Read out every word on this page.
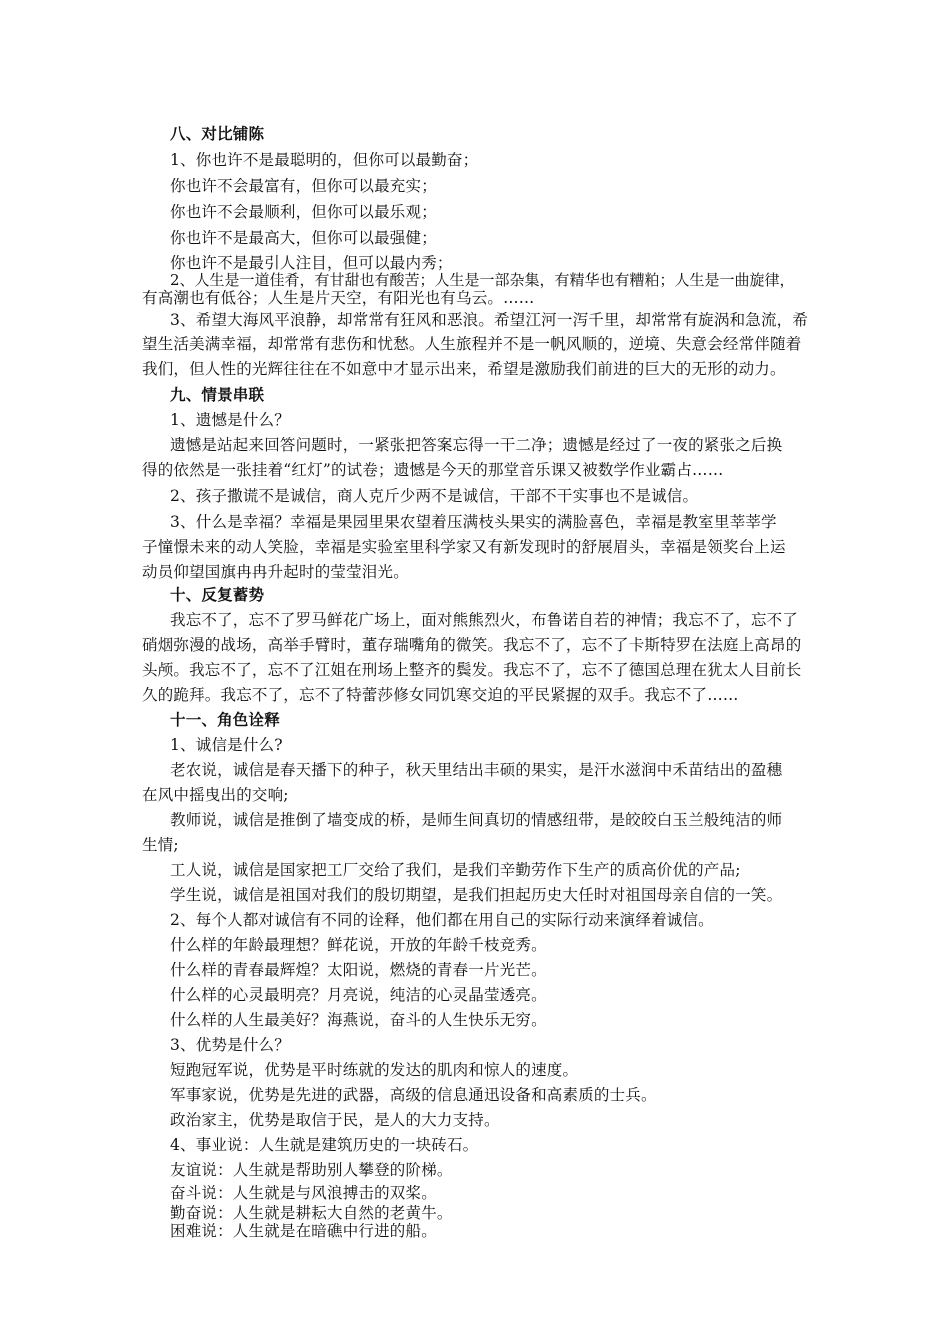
八、对比铺陈
1、你也许不是最聪明的，但你可以最勤奋；
你也许不会最富有，但你可以最充实；
你也许不会最顺利，但你可以最乐观；
你也许不是最高大，但你可以最强健；
你也许不是最引人注目，但可以最内秀；
2、人生是一道佳肴，有甘甜也有酸苦；人生是一部杂集，有精华也有糟粕；人生是一曲旋律，
有高潮也有低谷；人生是片天空，有阳光也有乌云。……
3、希望大海风平浪静，却常常有狂风和恶浪。希望江河一泻千里，却常常有旋涡和急流，希
望生活美满幸福，却常常有悲伤和忧愁。人生旅程并不是一帆风顺的，逆境、失意会经常伴随着
我们，但人性的光辉往往在不如意中才显示出来，希望是激励我们前进的巨大的无形的动力。
九、情景串联
1、遗憾是什么？
遗憾是站起来回答问题时，一紧张把答案忘得一干二净；遗憾是经过了一夜的紧张之后换
得的依然是一张挂着“红灯”的试卷；遗憾是今天的那堂音乐课又被数学作业霸占……
2、孩子撒谎不是诚信，商人克斤少两不是诚信，干部不干实事也不是诚信。
3、什么是幸福？幸福是果园里果农望着压满枝头果实的满脸喜色，幸福是教室里莘莘学
子憧憬未来的动人笑脸，幸福是实验室里科学家又有新发现时的舒展眉头，幸福是领奖台上运
动员仰望国旗冉冉升起时的莹莹泪光。
十、反复蓄势
我忘不了，忘不了罗马鲜花广场上，面对熊熊烈火，布鲁诺自若的神情；我忘不了，忘不了
硝烟弥漫的战场，高举手臂时，董存瑞嘴角的微笑。我忘不了，忘不了卡斯特罗在法庭上高昂的
头颅。我忘不了，忘不了江姐在刑场上整齐的鬓发。我忘不了，忘不了德国总理在犹太人目前长
久的跪拜。我忘不了，忘不了特蕾莎修女同饥寒交迫的平民紧握的双手。我忘不了……
十一、角色诠释
1、诚信是什么?
老农说，诚信是春天播下的种子，秋天里结出丰硕的果实，是汗水滋润中禾苗结出的盈穗
在风中摇曳出的交响;
教师说，诚信是推倒了墙变成的桥，是师生间真切的情感纽带，是皎皎白玉兰般纯洁的师
生情;
工人说，诚信是国家把工厂交给了我们，是我们辛勤劳作下生产的质高价优的产品;
学生说，诚信是祖国对我们的殷切期望，是我们担起历史大任时对祖国母亲自信的一笑。
2、每个人都对诚信有不同的诠释，他们都在用自己的实际行动来演绎着诚信。
什么样的年龄最理想？鲜花说，开放的年龄千枝竞秀。
什么样的青春最辉煌？太阳说，燃烧的青春一片光芒。
什么样的心灵最明亮？月亮说，纯洁的心灵晶莹透亮。
什么样的人生最美好？海燕说，奋斗的人生快乐无穷。
3、优势是什么？
短跑冠军说，优势是平时练就的发达的肌肉和惊人的速度。
军事家说，优势是先进的武器，高级的信息通迅设备和高素质的士兵。
政治家主，优势是取信于民，是人的大力支持。
4、事业说：人生就是建筑历史的一块砖石。
友谊说：人生就是帮助别人攀登的阶梯。
奋斗说：人生就是与风浪搏击的双桨。
勤奋说：人生就是耕耘大自然的老黄牛。
困难说：人生就是在暗礁中行进的船。
